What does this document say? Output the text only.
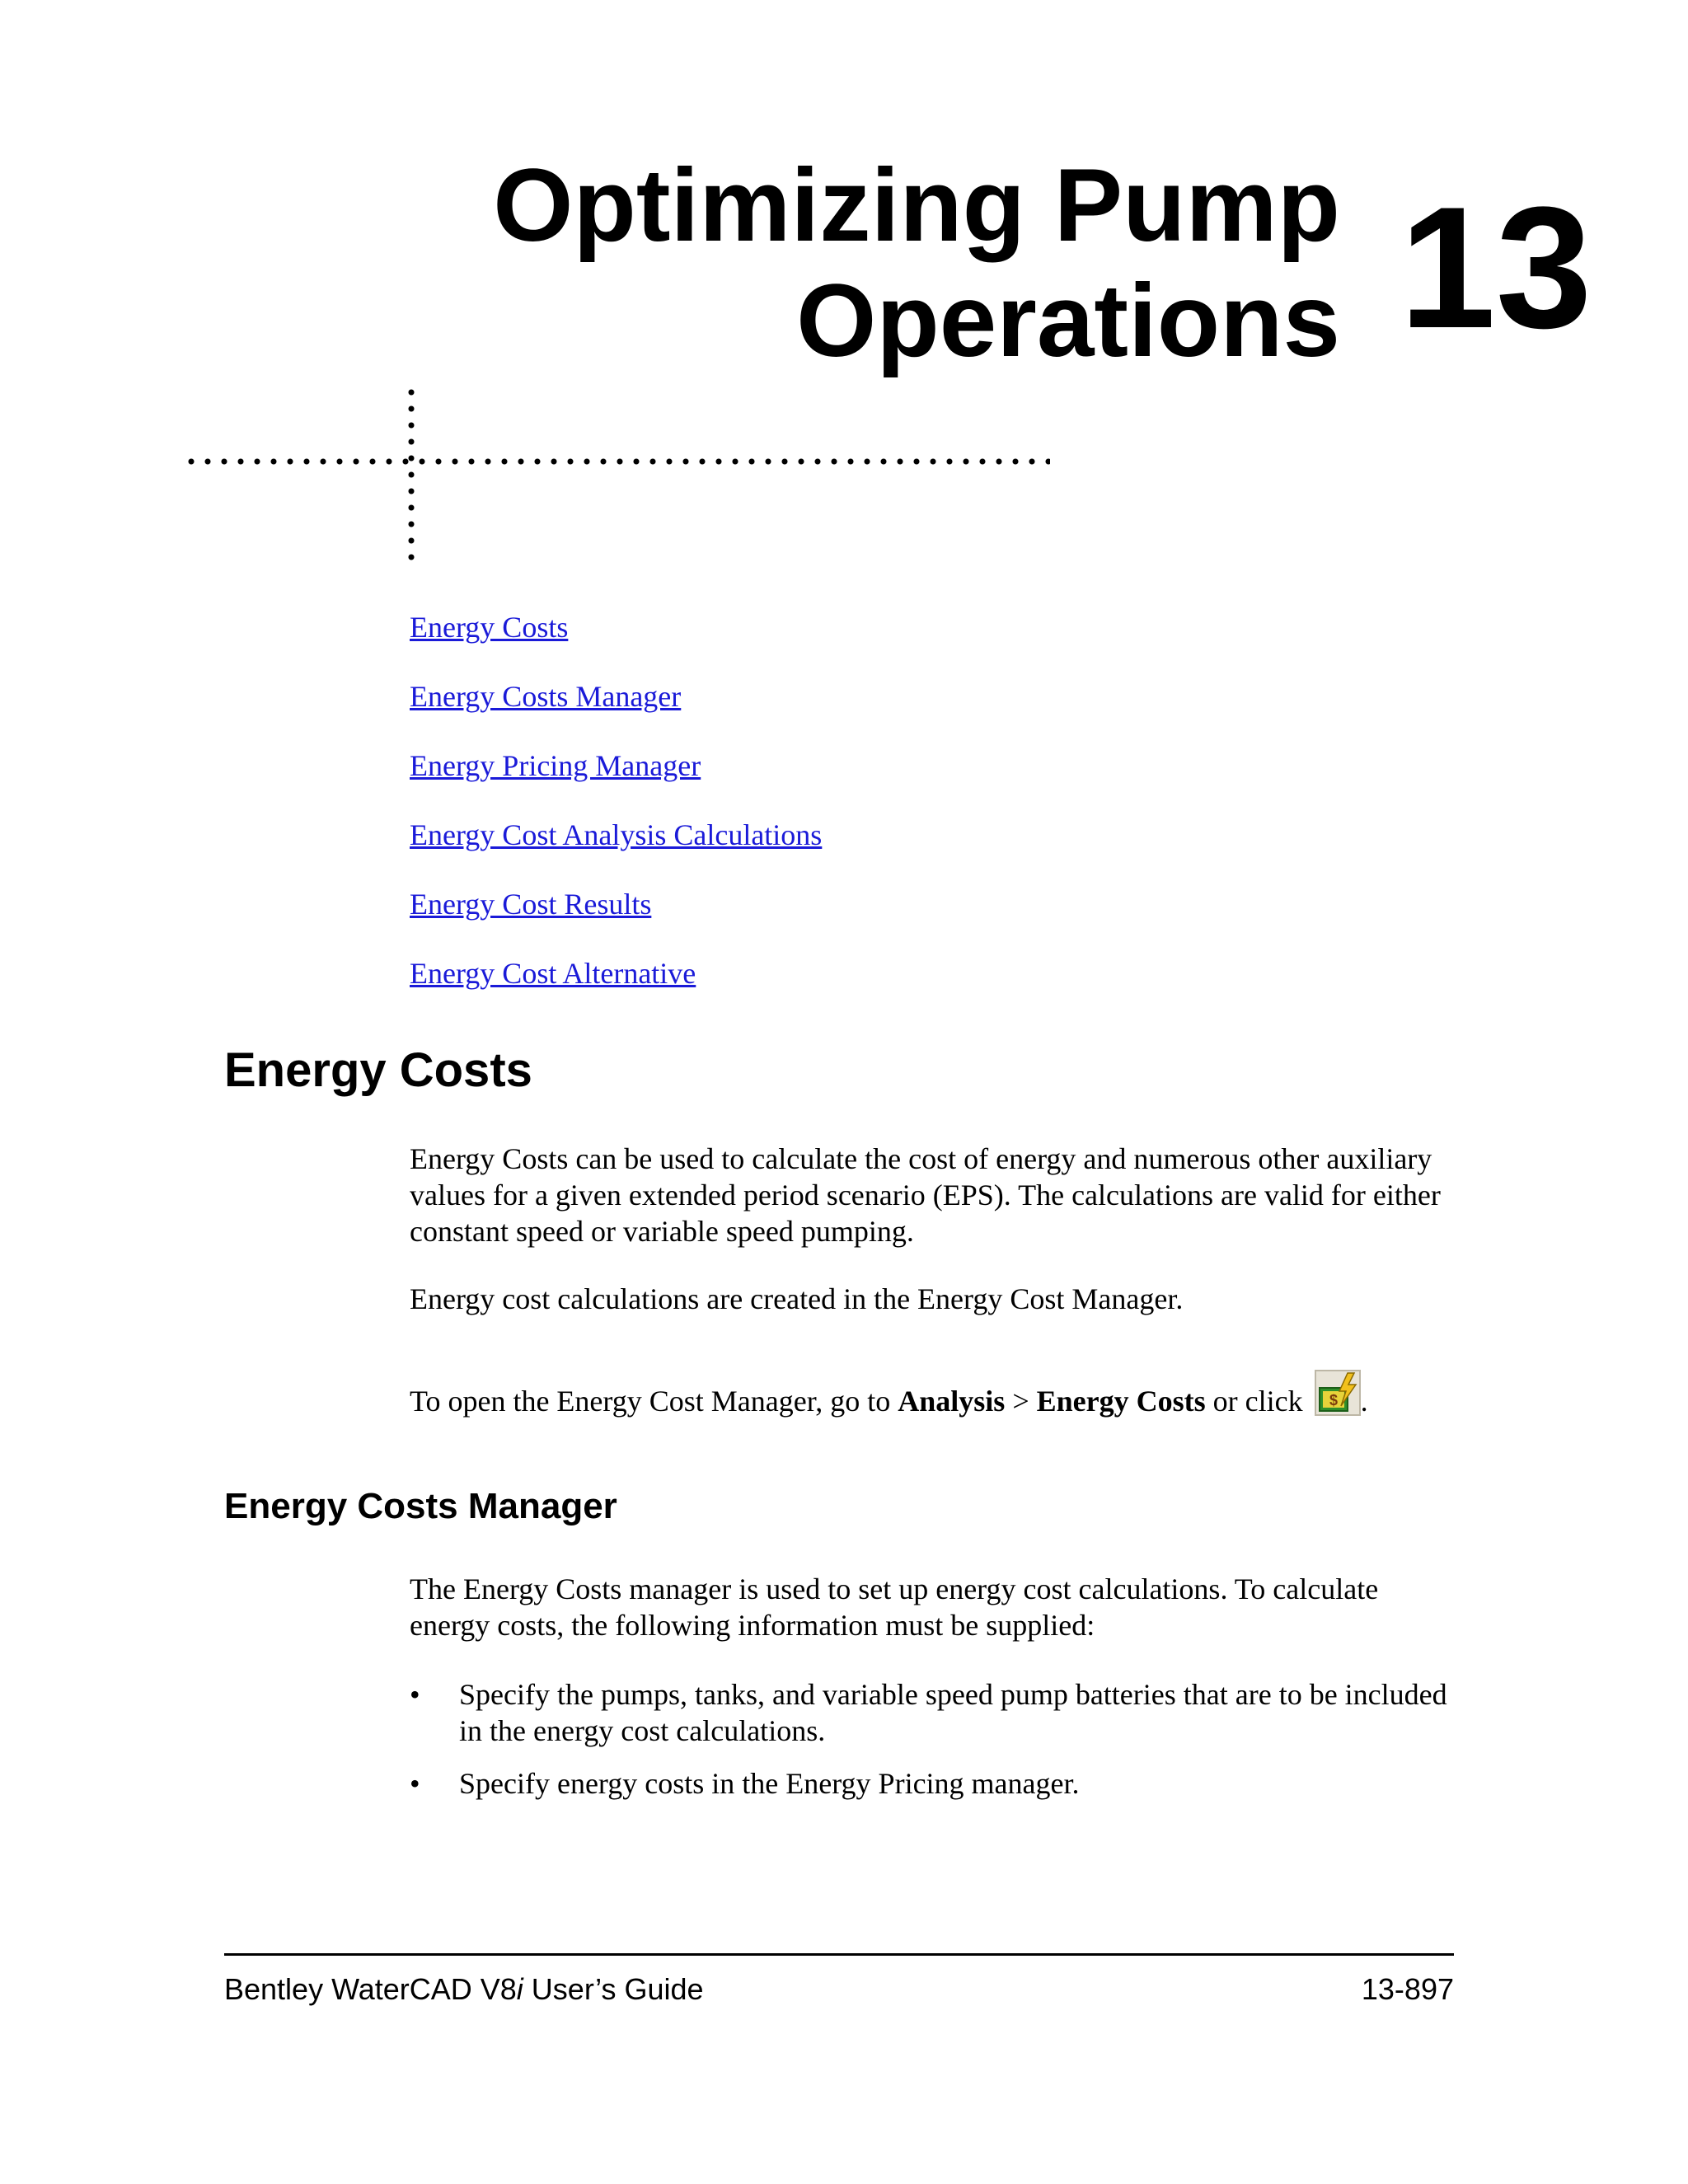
Optimizing Pump
Operations 13
Energy Costs
Energy Costs Manager
Energy Pricing Manager
Energy Cost Analysis Calculations
Energy Cost Results
Energy Cost Alternative
Energy Costs

Energy Costs can be used to calculate the cost of energy and numerous other auxiliary values for a given extended period scenario (EPS). The calculations are valid for either constant speed or variable speed pumping.

Energy cost calculations are created in the Energy Cost Manager.

To open the Energy Cost Manager, go to Analysis > Energy Costs or click $ .

Energy Costs Manager

The Energy Costs manager is used to set up energy cost calculations. To calculate energy costs, the following information must be supplied:

• Specify the pumps, tanks, and variable speed pump batteries that are to be included in the energy cost calculations.
• Specify energy costs in the Energy Pricing manager.
Bentley WaterCAD V8i User’s Guide	13-897
